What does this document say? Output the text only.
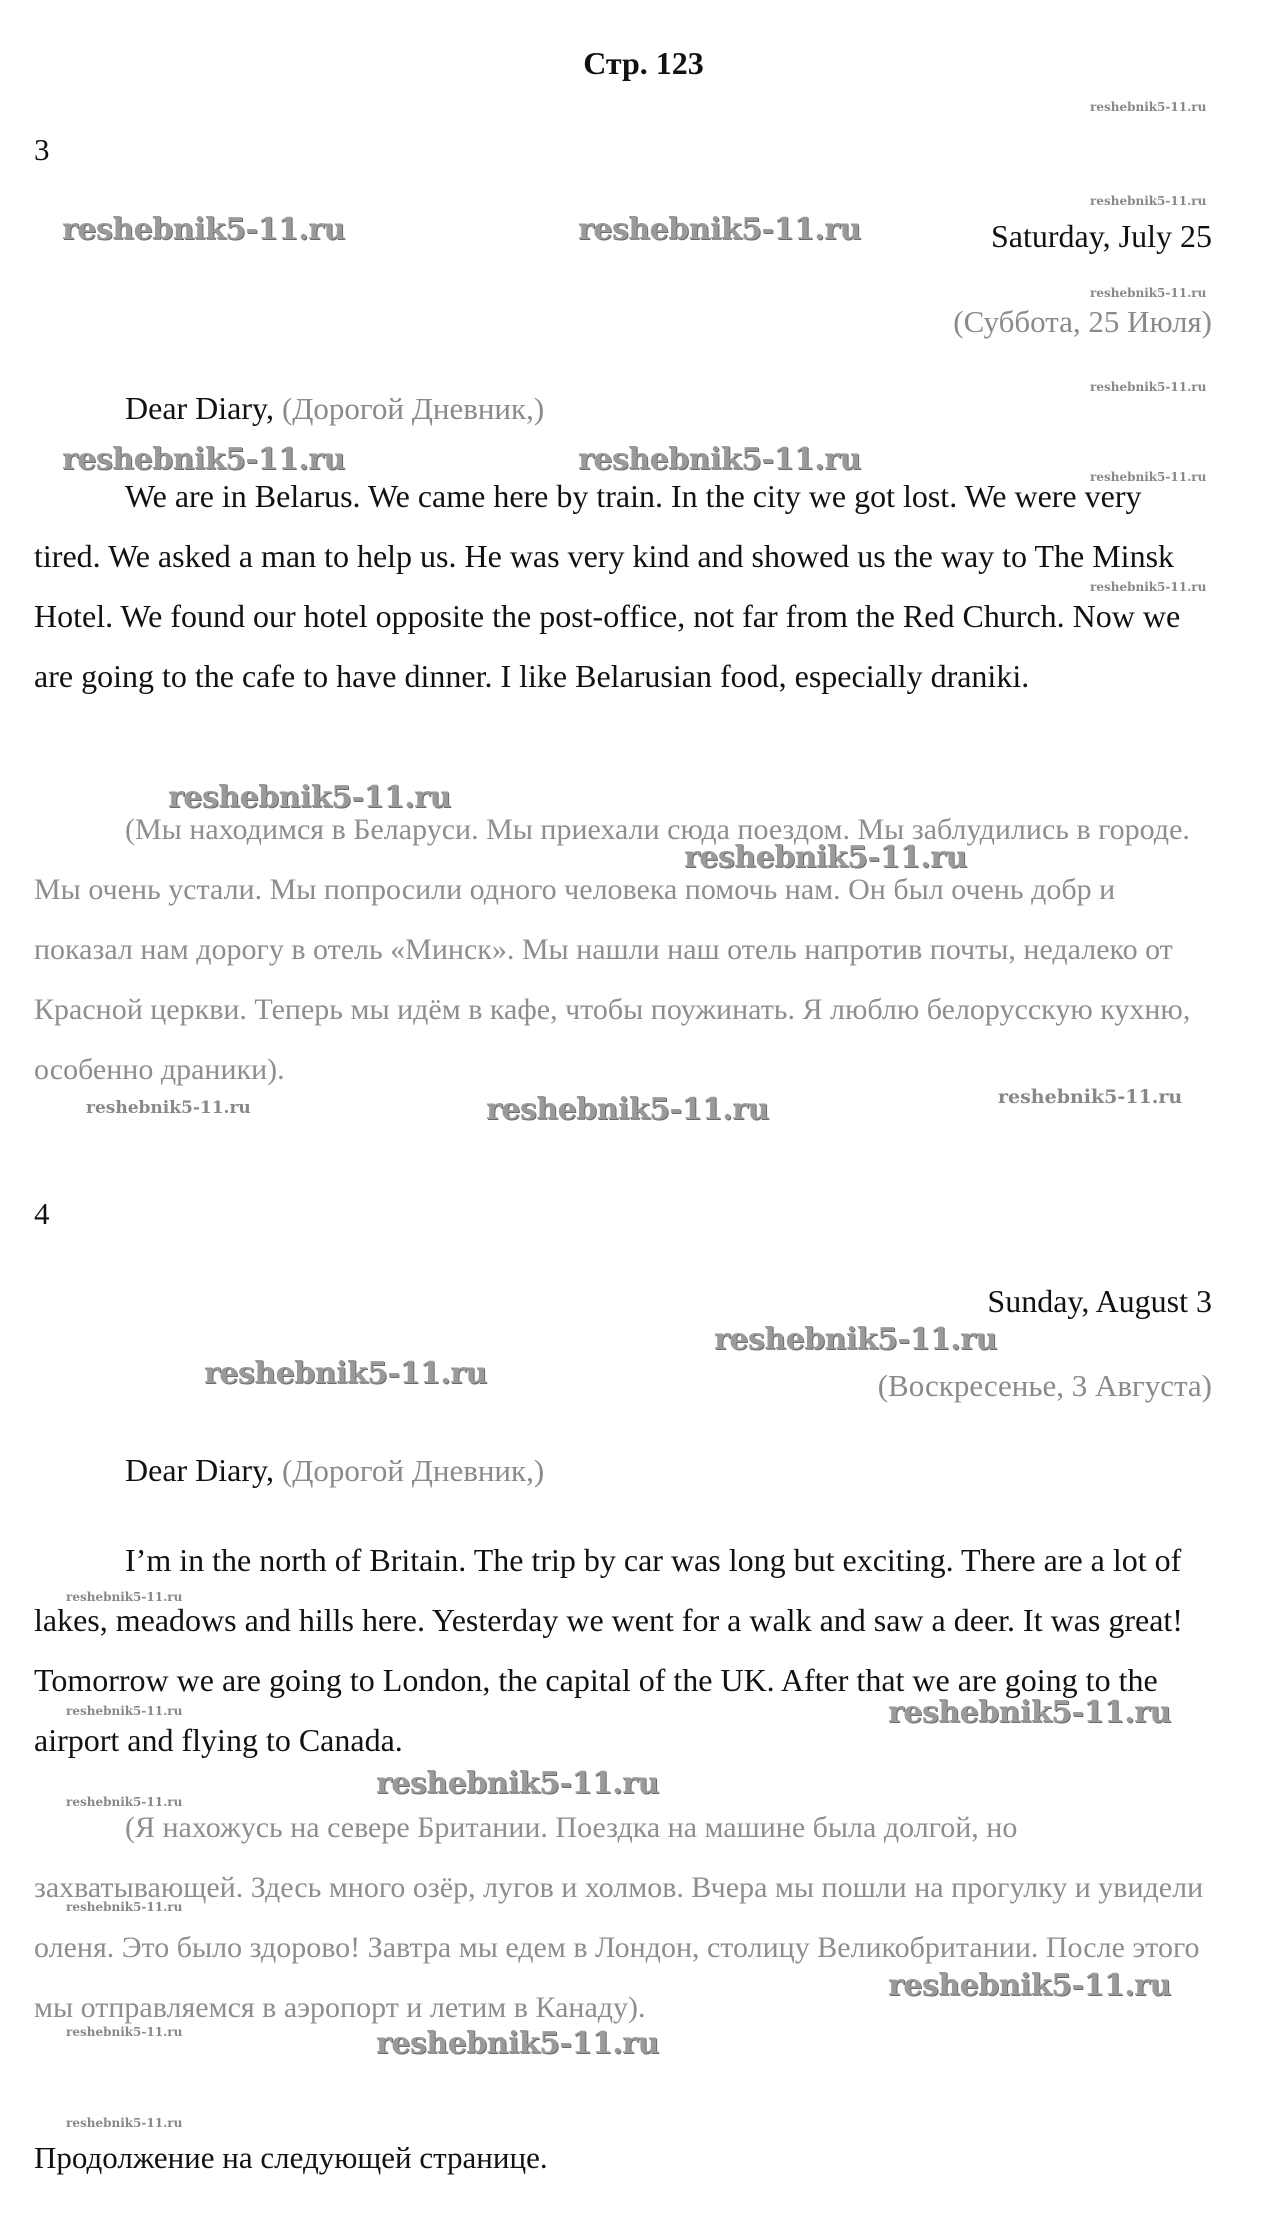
Стр. 123
3
Saturday, July 25
(Суббота, 25 Июля)
Dear Diary, (Дорогой Дневник,)

We are in Belarus. We came here by train. In the city we got lost. We were very tired. We asked a man to help us. He was very kind and showed us the way to The Minsk Hotel. We found our hotel opposite the post-office, not far from the Red Church. Now we are going to the cafe to have dinner. I like Belarusian food, especially draniki.

(Мы находимся в Беларуси. Мы приехали сюда поездом. Мы заблудились в городе. Мы очень устали. Мы попросили одного человека помочь нам. Он был очень добр и показал нам дорогу в отель «Минск». Мы нашли наш отель напротив почты, недалеко от Красной церкви. Теперь мы идём в кафе, чтобы поужинать. Я люблю белорусскую кухню, особенно драники).

4
Sunday, August 3
(Воскресенье, 3 Августа)
Dear Diary, (Дорогой Дневник,)

I’m in the north of Britain. The trip by car was long but exciting. There are a lot of lakes, meadows and hills here. Yesterday we went for a walk and saw a deer. It was great! Tomorrow we are going to London, the capital of the UK. After that we are going to the airport and flying to Canada.

(Я нахожусь на севере Британии. Поездка на машине была долгой, но захватывающей. Здесь много озёр, лугов и холмов. Вчера мы пошли на прогулку и увидели оленя. Это было здорово! Завтра мы едем в Лондон, столицу Великобритании. После этого мы отправляемся в аэропорт и летим в Канаду).

Продолжение на следующей странице.
reshebnik5-11.ru
reshebnik5-11.ru
reshebnik5-11.ru	reshebnik5-11.ru
reshebnik5-11.ru
reshebnik5-11.ru
reshebnik5-11.ru	reshebnik5-11.ru	reshebnik5-11.ru
reshebnik5-11.ru
reshebnik5-11.ru
reshebnik5-11.ru
reshebnik5-11.ru
reshebnik5-11.ru	reshebnik5-11.ru
reshebnik5-11.ru
reshebnik5-11.ru
reshebnik5-11.ru
reshebnik5-11.ru	reshebnik5-11.ru
reshebnik5-11.ru
reshebnik5-11.ru
reshebnik5-11.ru
reshebnik5-11.ru
reshebnik5-11.ru	reshebnik5-11.ru
reshebnik5-11.ru
